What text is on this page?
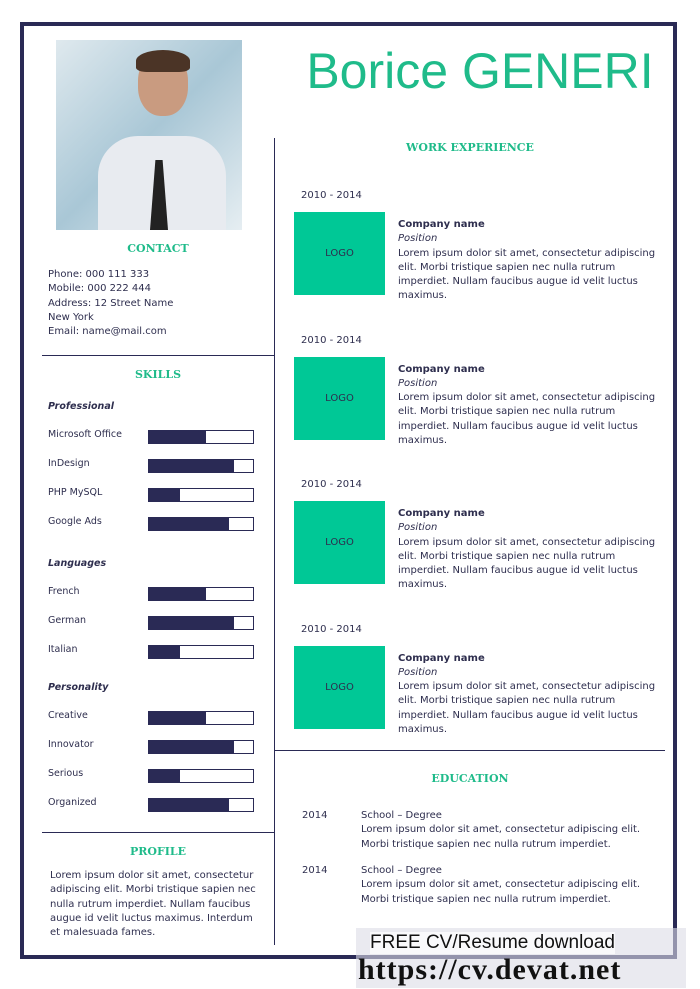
Borice GENERI
CONTACT
Phone: 000 111 333
Mobile: 000 222 444
Address: 12 Street Name
New York
Email: name@mail.com
SKILLS
Professional
Microsoft Office
InDesign
PHP MySQL
Google Ads
Languages
French
German
Italian
Personality
Creative
Innovator
Serious
Organized
PROFILE
Lorem ipsum dolor sit amet, consectetur adipiscing elit. Morbi tristique sapien nec nulla rutrum imperdiet. Nullam faucibus augue id velit luctus maximus. Interdum et malesuada fames.
WORK EXPERIENCE
2010 - 2014
LOGO
Company name
Position
Lorem ipsum dolor sit amet, consectetur adipiscing elit. Morbi tristique sapien nec nulla rutrum imperdiet. Nullam faucibus augue id velit luctus maximus.
2010 - 2014
LOGO
Company name
Position
Lorem ipsum dolor sit amet, consectetur adipiscing elit. Morbi tristique sapien nec nulla rutrum imperdiet. Nullam faucibus augue id velit luctus maximus.
2010 - 2014
LOGO
Company name
Position
Lorem ipsum dolor sit amet, consectetur adipiscing elit. Morbi tristique sapien nec nulla rutrum imperdiet. Nullam faucibus augue id velit luctus maximus.
2010 - 2014
LOGO
Company name
Position
Lorem ipsum dolor sit amet, consectetur adipiscing elit. Morbi tristique sapien nec nulla rutrum imperdiet. Nullam faucibus augue id velit luctus maximus.
EDUCATION
2014	School – Degree
Lorem ipsum dolor sit amet, consectetur adipiscing elit. Morbi tristique sapien nec nulla rutrum imperdiet.
2014	School – Degree
Lorem ipsum dolor sit amet, consectetur adipiscing elit. Morbi tristique sapien nec nulla rutrum imperdiet.
FREE CV/Resume download
https://cv.devat.net
